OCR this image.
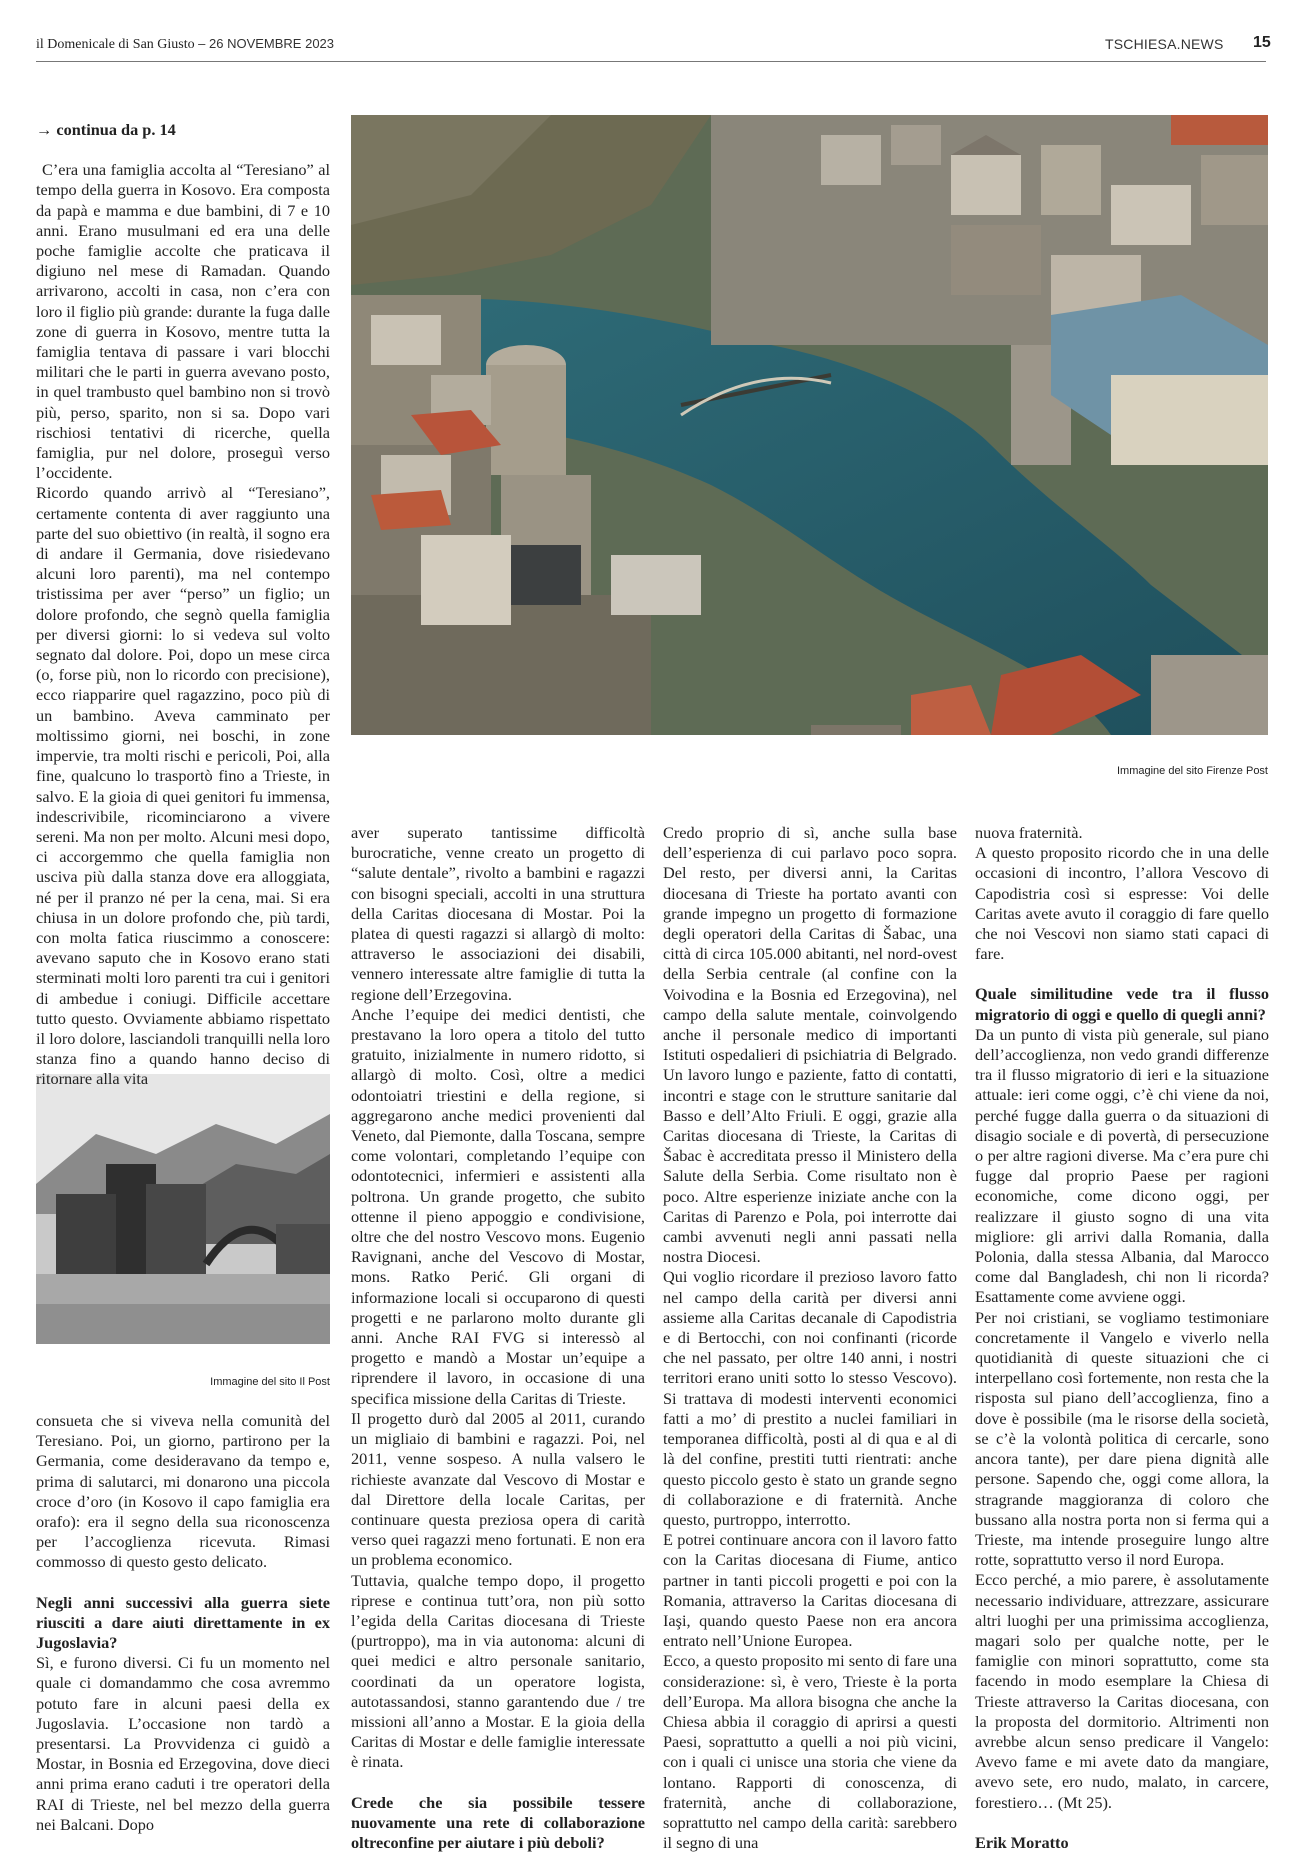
il Domenicale di San Giusto – 26 NOVEMBRE 2023	TSCHIESA.NEWS 15
Immagine del sito Firenze Post
Immagine del sito Il Post

→ continua da p. 14

C’era una famiglia accolta al “Teresiano” al tempo della guerra in Kosovo. Era composta da papà e mamma e due bambini, di 7 e 10 anni. Erano musulmani ed era una delle poche famiglie accolte che praticava il digiuno nel mese di Ramadan. Quando arrivarono, accolti in casa, non c’era con loro il figlio più grande: durante la fuga dalle zone di guerra in Kosovo, mentre tutta la famiglia tentava di passare i vari blocchi militari che le parti in guerra avevano posto, in quel trambusto quel bambino non si trovò più, perso, sparito, non si sa. Dopo vari rischiosi tentativi di ricerche, quella famiglia, pur nel dolore, proseguì verso l’occidente.

Ricordo quando arrivò al “Teresiano”, certamente contenta di aver raggiunto una parte del suo obiettivo (in realtà, il sogno era di andare il Germania, dove risiedevano alcuni loro parenti), ma nel contempo tristissima per aver “perso” un figlio; un dolore profondo, che segnò quella famiglia per diversi giorni: lo si vedeva sul volto segnato dal dolore. Poi, dopo un mese circa (o, forse più, non lo ricordo con precisione), ecco riapparire quel ragazzino, poco più di un bambino. Aveva camminato per moltissimo giorni, nei boschi, in zone impervie, tra molti rischi e pericoli, Poi, alla fine, qualcuno lo trasportò fino a Trieste, in salvo. E la gioia di quei genitori fu immensa, indescrivibile, ricominciarono a vivere sereni. Ma non per molto. Alcuni mesi dopo, ci accorgemmo che quella famiglia non usciva più dalla stanza dove era alloggiata, né per il pranzo né per la cena, mai. Si era chiusa in un dolore profondo che, più tardi, con molta fatica riuscimmo a conoscere: avevano saputo che in Kosovo erano stati sterminati molti loro parenti tra cui i genitori di ambedue i coniugi. Difficile accettare tutto questo. Ovviamente abbiamo rispettato il loro dolore, lasciandoli tranquilli nella loro stanza fino a quando hanno deciso di ritornare alla vita

consueta che si viveva nella comunità del Teresiano. Poi, un giorno, partirono per la Germania, come desideravano da tempo e, prima di salutarci, mi donarono una piccola croce d’oro (in Kosovo il capo famiglia era orafo): era il segno della sua riconoscenza per l’accoglienza ricevuta. Rimasi commosso di questo gesto delicato.

Negli anni successivi alla guerra siete riusciti a dare aiuti direttamente in ex Jugoslavia?

Sì, e furono diversi. Ci fu un momento nel quale ci domandammo che cosa avremmo potuto fare in alcuni paesi della ex Jugoslavia. L’occasione non tardò a presentarsi. La Provvidenza ci guidò a Mostar, in Bosnia ed Erzegovina, dove dieci anni prima erano caduti i tre operatori della RAI di Trieste, nel bel mezzo della guerra nei Balcani. Dopo

aver superato tantissime difficoltà burocratiche, venne creato un progetto di “salute dentale”, rivolto a bambini e ragazzi con bisogni speciali, accolti in una struttura della Caritas diocesana di Mostar. Poi la platea di questi ragazzi si allargò di molto: attraverso le associazioni dei disabili, vennero interessate altre famiglie di tutta la regione dell’Erzegovina.

Anche l’equipe dei medici dentisti, che prestavano la loro opera a titolo del tutto gratuito, inizialmente in numero ridotto, si allargò di molto. Così, oltre a medici odontoiatri triestini e della regione, si aggregarono anche medici provenienti dal Veneto, dal Piemonte, dalla Toscana, sempre come volontari, completando l’equipe con odontotecnici, infermieri e assistenti alla poltrona. Un grande progetto, che subito ottenne il pieno appoggio e condivisione, oltre che del nostro Vescovo mons. Eugenio Ravignani, anche del Vescovo di Mostar, mons. Ratko Perić. Gli organi di informazione locali si occuparono di questi progetti e ne parlarono molto durante gli anni. Anche RAI FVG si interessò al progetto e mandò a Mostar un’equipe a riprendere il lavoro, in occasione di una specifica missione della Caritas di Trieste.

Il progetto durò dal 2005 al 2011, curando un migliaio di bambini e ragazzi. Poi, nel 2011, venne sospeso. A nulla valsero le richieste avanzate dal Vescovo di Mostar e dal Direttore della locale Caritas, per continuare questa preziosa opera di carità verso quei ragazzi meno fortunati. E non era un problema economico.

Tuttavia, qualche tempo dopo, il progetto riprese e continua tutt’ora, non più sotto l’egida della Caritas diocesana di Trieste (purtroppo), ma in via autonoma: alcuni di quei medici e altro personale sanitario, coordinati da un operatore logista, autotassandosi, stanno garantendo due / tre missioni all’anno a Mostar. E la gioia della Caritas di Mostar e delle famiglie interessate è rinata.

Crede che sia possibile tessere nuovamente una rete di collaborazione oltreconfine per aiutare i più deboli?

Credo proprio di sì, anche sulla base dell’esperienza di cui parlavo poco sopra. Del resto, per diversi anni, la Caritas diocesana di Trieste ha portato avanti con grande impegno un progetto di formazione degli operatori della Caritas di Šabac, una città di circa 105.000 abitanti, nel nord-ovest della Serbia centrale (al confine con la Voivodina e la Bosnia ed Erzegovina), nel campo della salute mentale, coinvolgendo anche il personale medico di importanti Istituti ospedalieri di psichiatria di Belgrado. Un lavoro lungo e paziente, fatto di contatti, incontri e stage con le strutture sanitarie dal Basso e dell’Alto Friuli. E oggi, grazie alla Caritas diocesana di Trieste, la Caritas di Šabac è accreditata presso il Ministero della Salute della Serbia. Come risultato non è poco. Altre esperienze iniziate anche con la Caritas di Parenzo e Pola, poi interrotte dai cambi avvenuti negli anni passati nella nostra Diocesi.

Qui voglio ricordare il prezioso lavoro fatto nel campo della carità per diversi anni assieme alla Caritas decanale di Capodistria e di Bertocchi, con noi confinanti (ricorde che nel passato, per oltre 140 anni, i nostri territori erano uniti sotto lo stesso Vescovo). Si trattava di modesti interventi economici fatti a mo’ di prestito a nuclei familiari in temporanea difficoltà, posti al di qua e al di là del confine, prestiti tutti rientrati: anche questo piccolo gesto è stato un grande segno di collaborazione e di fraternità. Anche questo, purtroppo, interrotto.

E potrei continuare ancora con il lavoro fatto con la Caritas diocesana di Fiume, antico partner in tanti piccoli progetti e poi con la Romania, attraverso la Caritas diocesana di Iaşi, quando questo Paese non era ancora entrato nell’Unione Europea.

Ecco, a questo proposito mi sento di fare una considerazione: sì, è vero, Trieste è la porta dell’Europa. Ma allora bisogna che anche la Chiesa abbia il coraggio di aprirsi a questi Paesi, soprattutto a quelli a noi più vicini, con i quali ci unisce una storia che viene da lontano. Rapporti di conoscenza, di fraternità, anche di collaborazione, soprattutto nel campo della carità: sarebbero il segno di una

nuova fraternità.

A questo proposito ricordo che in una delle occasioni di incontro, l’allora Vescovo di Capodistria così si espresse: Voi delle Caritas avete avuto il coraggio di fare quello che noi Vescovi non siamo stati capaci di fare.

Quale similitudine vede tra il flusso migratorio di oggi e quello di quegli anni?

Da un punto di vista più generale, sul piano dell’accoglienza, non vedo grandi differenze tra il flusso migratorio di ieri e la situazione attuale: ieri come oggi, c’è chi viene da noi, perché fugge dalla guerra o da situazioni di disagio sociale e di povertà, di persecuzione o per altre ragioni diverse. Ma c’era pure chi fugge dal proprio Paese per ragioni economiche, come dicono oggi, per realizzare il giusto sogno di una vita migliore: gli arrivi dalla Romania, dalla Polonia, dalla stessa Albania, dal Marocco come dal Bangladesh, chi non li ricorda? Esattamente come avviene oggi.

Per noi cristiani, se vogliamo testimoniare concretamente il Vangelo e viverlo nella quotidianità di queste situazioni che ci interpellano così fortemente, non resta che la risposta sul piano dell’accoglienza, fino a dove è possibile (ma le risorse della società, se c’è la volontà politica di cercarle, sono ancora tante), per dare piena dignità alle persone. Sapendo che, oggi come allora, la stragrande maggioranza di coloro che bussano alla nostra porta non si ferma qui a Trieste, ma intende proseguire lungo altre rotte, soprattutto verso il nord Europa.

Ecco perché, a mio parere, è assolutamente necessario individuare, attrezzare, assicurare altri luoghi per una primissima accoglienza, magari solo per qualche notte, per le famiglie con minori soprattutto, come sta facendo in modo esemplare la Chiesa di Trieste attraverso la Caritas diocesana, con la proposta del dormitorio. Altrimenti non avrebbe alcun senso predicare il Vangelo: Avevo fame e mi avete dato da mangiare, avevo sete, ero nudo, malato, in carcere, forestiero… (Mt 25).

Erik Moratto
